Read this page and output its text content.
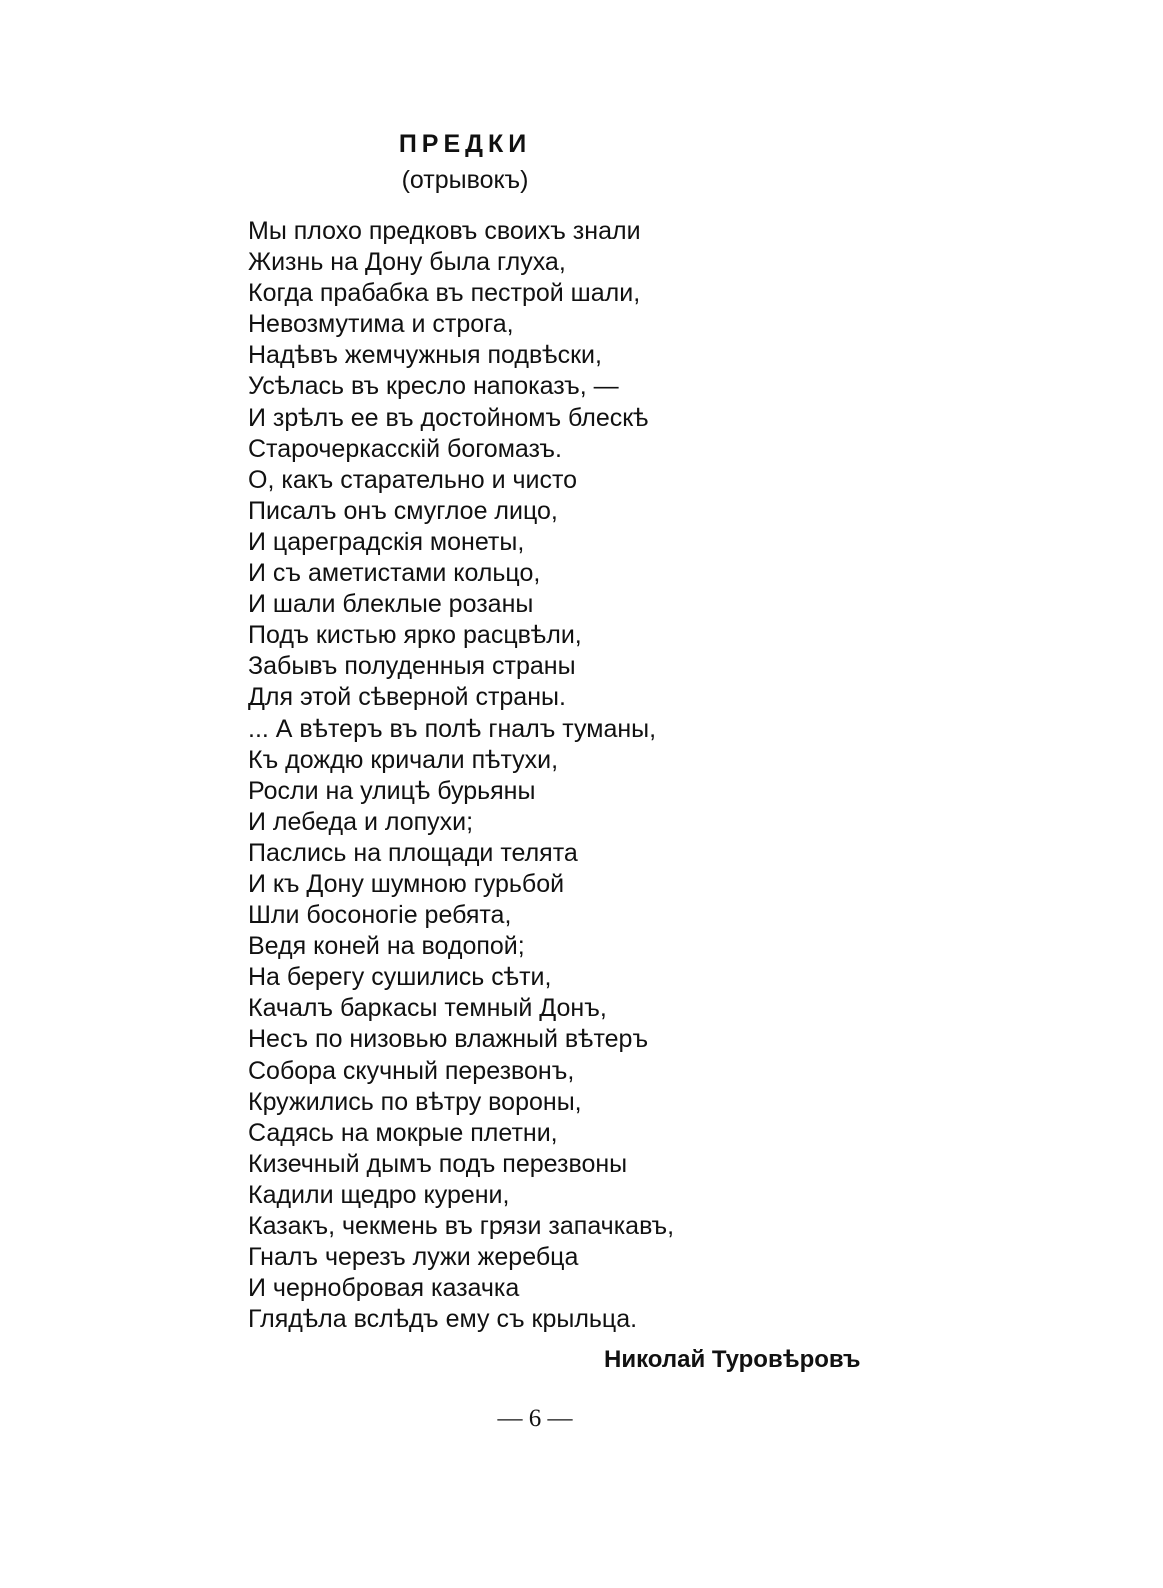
ПРЕДКИ
(отрывокъ)
Мы плохо предковъ своихъ знали
Жизнь на Дону была глуха,
Когда прабабка въ пестрой шали,
Невозмутима и строга,
Надѣвъ жемчужныя подвѣски,
Усѣлась въ кресло напоказъ, —
И зрѣлъ ее въ достойномъ блескѣ
Старочеркасскій богомазъ.
О, какъ старательно и чисто
Писалъ онъ смуглое лицо,
И цареградскія монеты,
И съ аметистами кольцо,
И шали блеклые розаны
Подъ кистью ярко расцвѣли,
Забывъ полуденныя страны
Для этой сѣверной страны.
... А вѣтеръ въ полѣ гналъ туманы,
Къ дождю кричали пѣтухи,
Росли на улицѣ бурьяны
И лебеда и лопухи;
Паслись на площади телята
И къ Дону шумною гурьбой
Шли босоногіе ребята,
Ведя коней на водопой;
На берегу сушились сѣти,
Качалъ баркасы темный Донъ,
Несъ по низовью влажный вѣтеръ
Собора скучный перезвонъ,
Кружились по вѣтру вороны,
Садясь на мокрые плетни,
Кизечный дымъ подъ перезвоны
Кадили щедро курени,
Казакъ, чекмень въ грязи запачкавъ,
Гналъ черезъ лужи жеребца
И чернобровая казачка
Глядѣла вслѣдъ ему съ крыльца.
Николай Туровѣровъ
— 6 —
